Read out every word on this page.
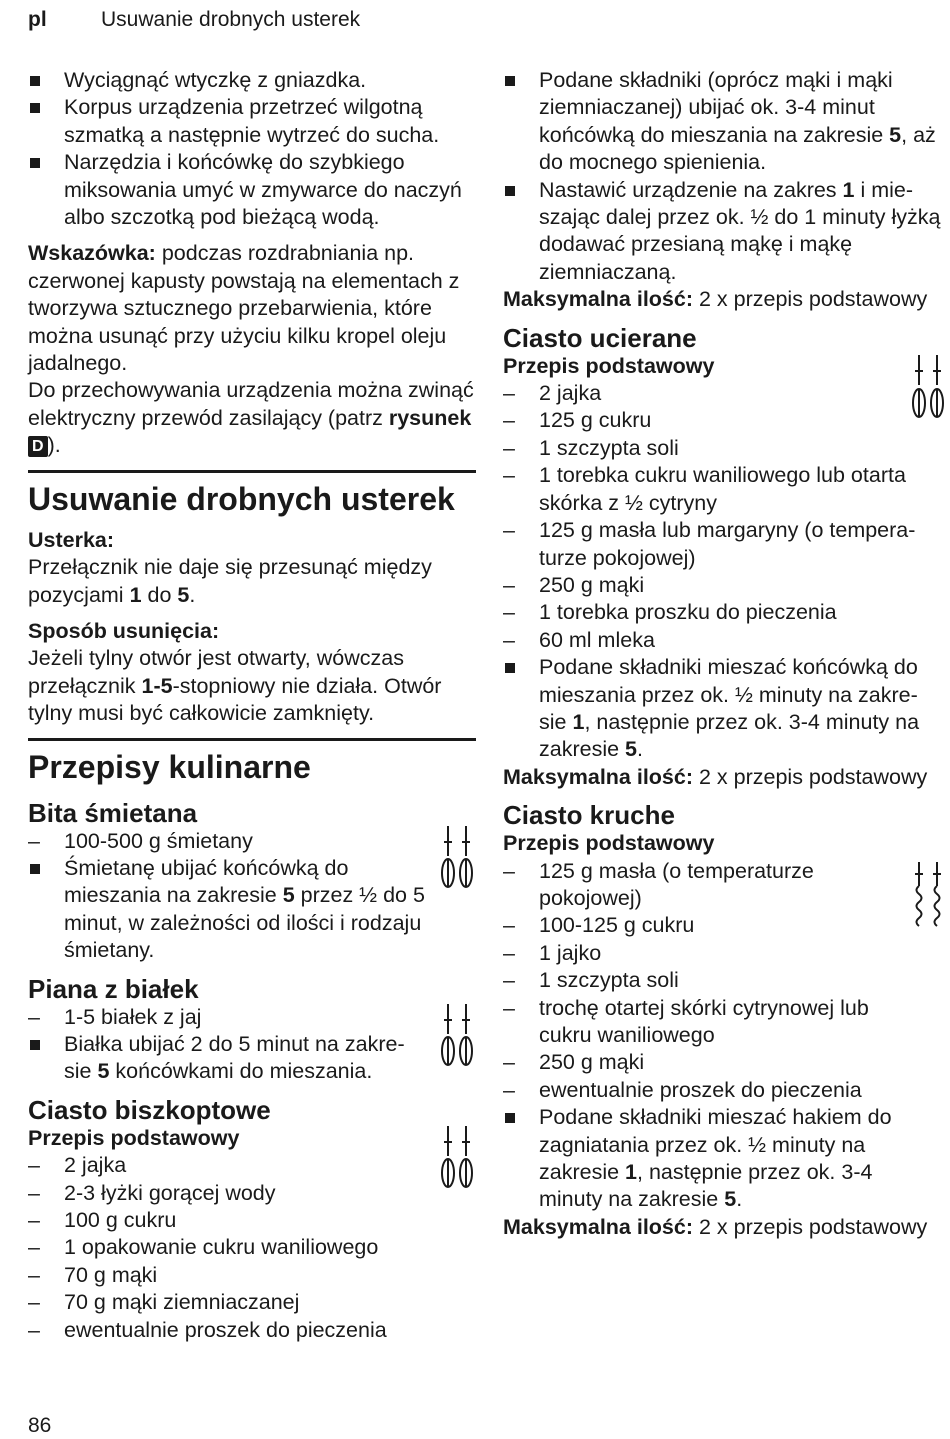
pl	Usuwanie drobnych usterek
Wyciągnąć wtyczkę z gniazdka.
Korpus urządzenia przetrzeć wilgotną szmatką a następnie wytrzeć do sucha.
Narzędzia i końcówkę do szybkiego miksowania umyć w zmywarce do naczyń albo szczotką pod bieżącą wodą.
Wskazówka: podczas rozdrabniania np. czerwonej kapusty powstają na elementach z tworzywa sztucznego przebarwienia, które można usunąć przy użyciu kilku kropel oleju jadalnego.
Do przechowywania urządzenia można zwinąć elektryczny przewód zasilający (patrz rysunek D ).
Usuwanie drobnych usterek
Usterka:
Przełącznik nie daje się przesunąć między pozycjami 1 do 5.
Sposób usunięcia:
Jeżeli tylny otwór jest otwarty, wówczas przełącznik 1-5-stopniowy nie działa. Otwór tylny musi być całkowicie zamknięty.
Przepisy kulinarne
Bita śmietana
–	100-500 g śmietany
Śmietanę ubijać końcówką do mieszania na zakresie 5 przez ½ do 5 minut, w zależności od ilości i rodzaju śmietany.
Piana z białek
–	1-5 białek z jaj
Białka ubijać 2 do 5 minut na zakre-sie 5 końcówkami do mieszania.
Ciasto biszkoptowe
Przepis podstawowy
–	2 jajka
–	2-3 łyżki gorącej wody
–	100 g cukru
–	1 opakowanie cukru waniliowego
–	70 g mąki
–	70 g mąki ziemniaczanej
–	ewentualnie proszek do pieczenia
Podane składniki (oprócz mąki i mąki ziemniaczanej) ubijać ok. 3-4 minut końcówką do mieszania na zakresie 5, aż do mocnego spienienia.
Nastawić urządzenie na zakres 1 i mie-szając dalej przez ok. ½ do 1 minuty łyżką dodawać przesianą mąkę i mąkę ziemniaczaną.
Maksymalna ilość: 2 x przepis podstawowy
Ciasto ucierane
Przepis podstawowy
–	2 jajka
–	125 g cukru
–	1 szczypta soli
–	1 torebka cukru waniliowego lub otarta skórka z ½ cytryny
–	125 g masła lub margaryny (o tempera-turze pokojowej)
–	250 g mąki
–	1 torebka proszku do pieczenia
–	60 ml mleka
Podane składniki mieszać końcówką do mieszania przez ok. ½ minuty na zakre-sie 1, następnie przez ok. 3-4 minuty na zakresie 5.
Maksymalna ilość: 2 x przepis podstawowy
Ciasto kruche
Przepis podstawowy
–	125 g masła (o temperaturze pokojowej)
–	100-125 g cukru
–	1 jajko
–	1 szczypta soli
–	trochę otartej skórki cytrynowej lub cukru waniliowego
–	250 g mąki
–	ewentualnie proszek do pieczenia
Podane składniki mieszać hakiem do zagniatania przez ok. ½ minuty na zakresie 1, następnie przez ok. 3-4 minuty na zakresie 5.
Maksymalna ilość: 2 x przepis podstawowy
86
